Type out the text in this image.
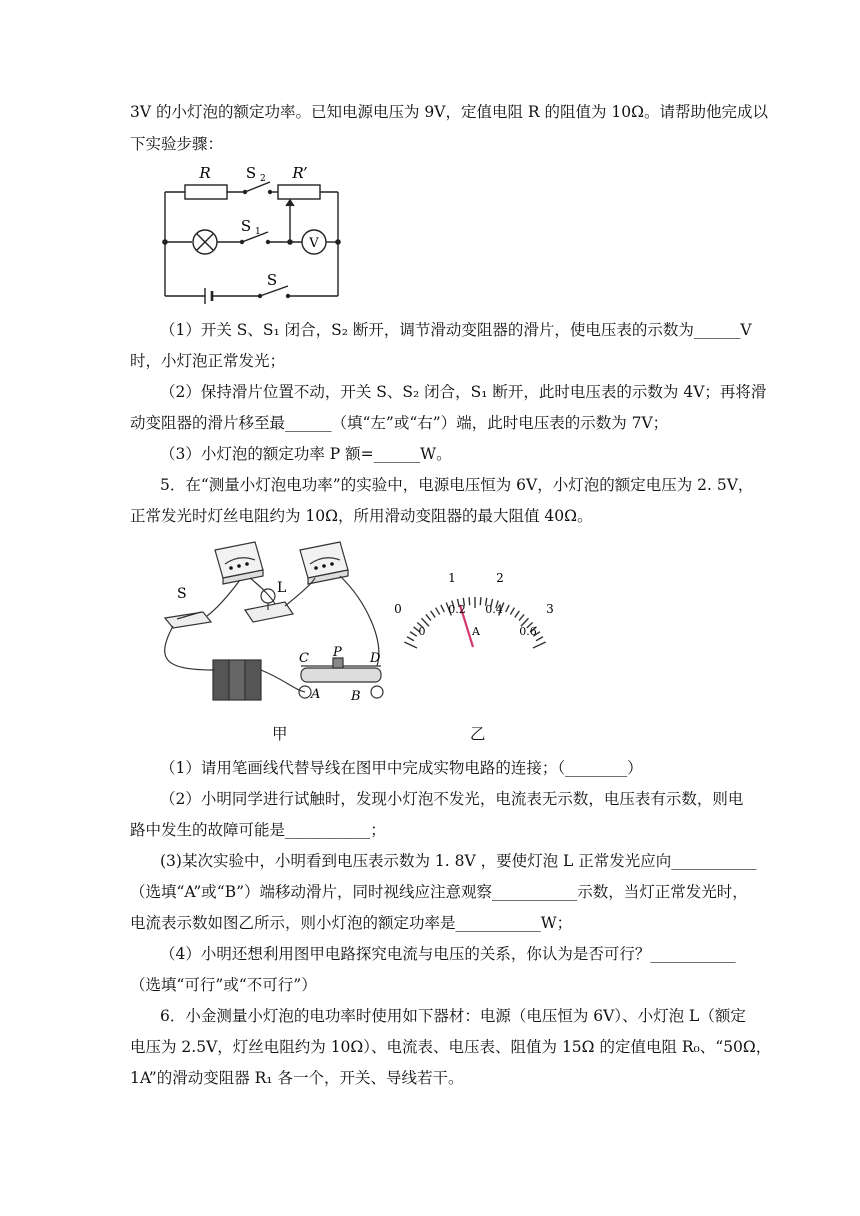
3V 的小灯泡的额定功率。已知电源电压为 9V，定值电阻 R 的阻值为 10Ω。请帮助他完成以
下实验步骤：
R S 2 R’
S 1
V
S
（1）开关 S、S₁ 闭合，S₂ 断开，调节滑动变阻器的滑片，使电压表的示数为______V
时，小灯泡正常发光；
（2）保持滑片位置不动，开关 S、S₂ 闭合，S₁ 断开，此时电压表的示数为 4V；再将滑
动变阻器的滑片移至最______（填“左”或“右”）端，此时电压表的示数为 7V；
（3）小灯泡的额定功率 P 额=______W。
5．在“测量小灯泡电功率”的实验中，电源电压恒为 6V，小灯泡的额定电压为 2. 5V，
正常发光时灯丝电阻约为 10Ω，所用滑动变阻器的最大阻值 40Ω。
S	L
C P D
A B
0
1	2
3
0
0.2 0.4
0.6
A
甲	乙
（1）请用笔画线代替导线在图甲中完成实物电路的连接；（________）
（2）小明同学进行试触时，发现小灯泡不发光，电流表无示数，电压表有示数，则电
路中发生的故障可能是___________；
(3)某次实验中，小明看到电压表示数为 1. 8V ，要使灯泡 L 正常发光应向___________
（选填“A”或“B”）端移动滑片，同时视线应注意观察___________示数，当灯正常发光时，
电流表示数如图乙所示，则小灯泡的额定功率是___________W；
（4）小明还想利用图甲电路探究电流与电压的关系，你认为是否可行？___________
（选填“可行”或“不可行”）
6．小金测量小灯泡的电功率时使用如下器材：电源（电压恒为 6V）、小灯泡 L（额定
电压为 2.5V，灯丝电阻约为 10Ω）、电流表、电压表、阻值为 15Ω 的定值电阻 R₀、“50Ω，
1A”的滑动变阻器 R₁ 各一个，开关、导线若干。
